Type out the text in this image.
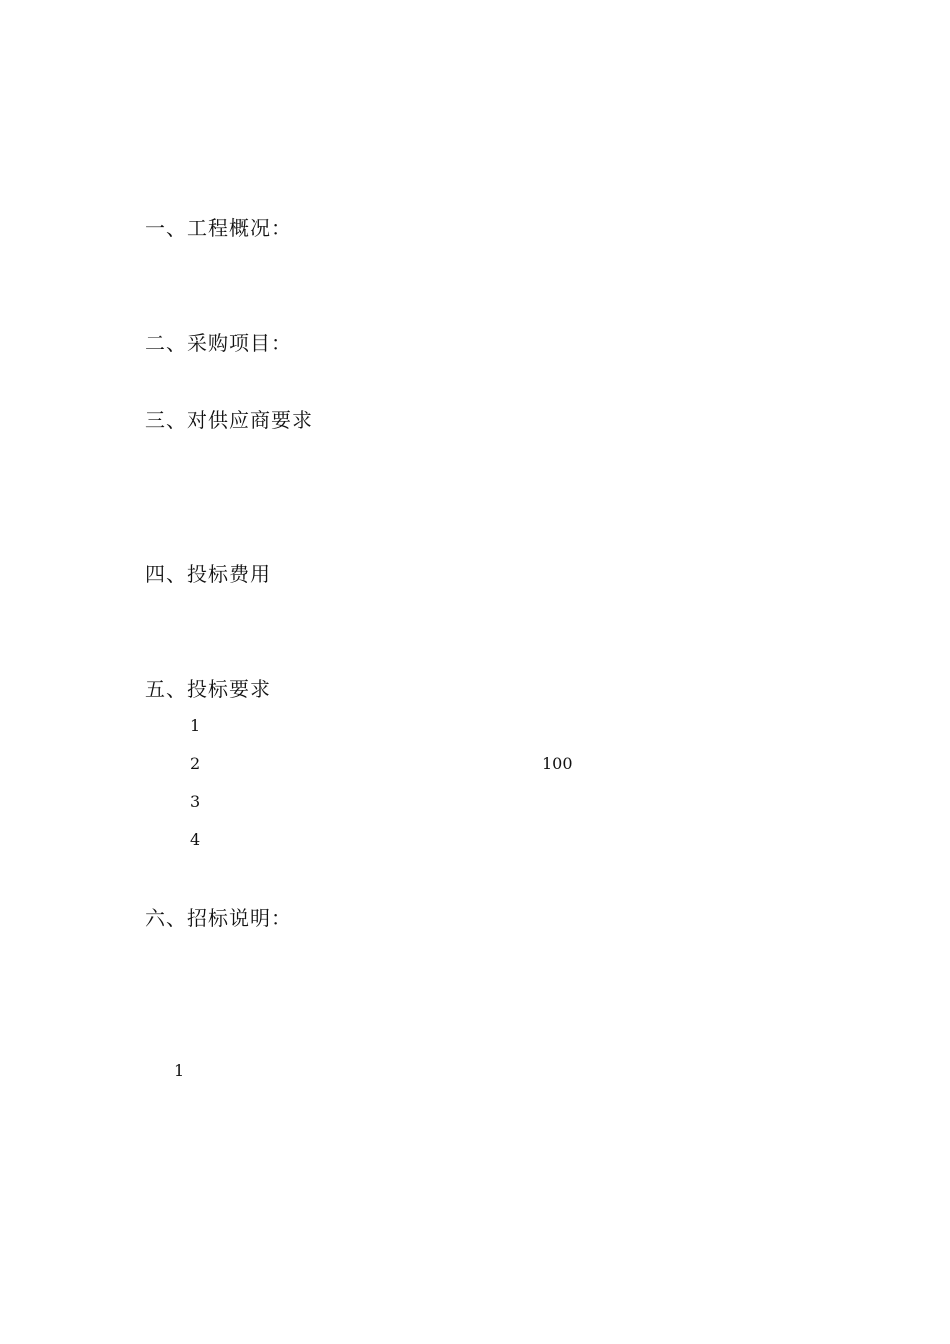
一、工程概况：
二、采购项目：
三、对供应商要求
四、投标费用
五、投标要求
1
2	100
3
4
六、招标说明：
1
